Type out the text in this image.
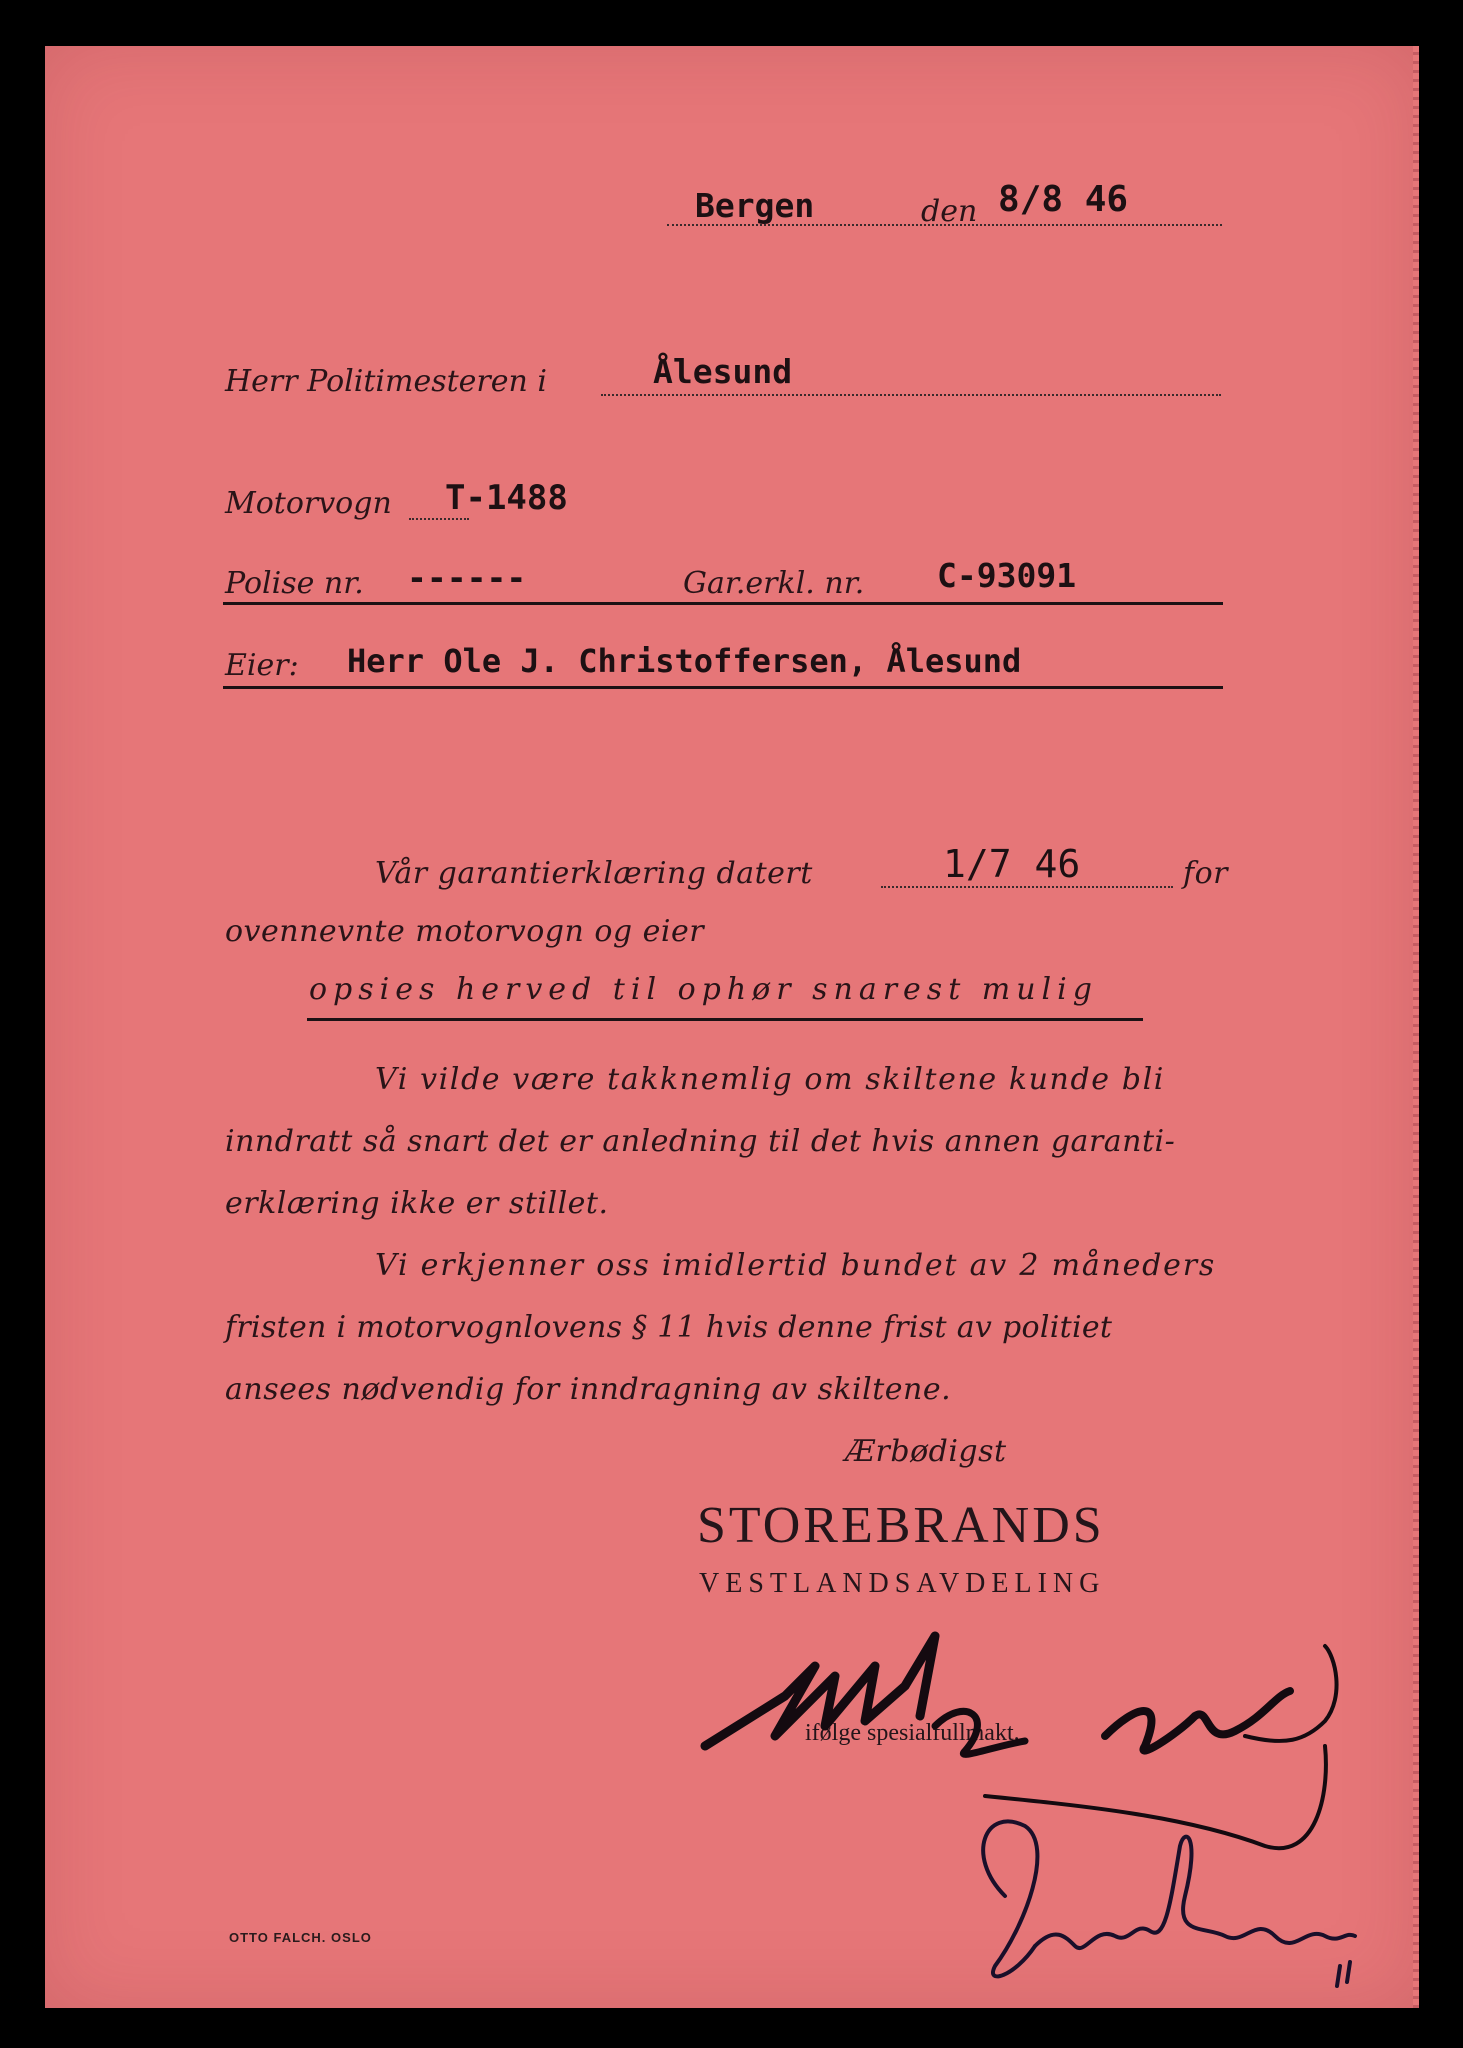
Bergen	den 8/8 46
Herr Politimesteren i	Ålesund
Motorvogn T-1488
Polise nr. ------	Gar.erkl. nr. C-93091
Eier: Herr Ole J. Christoffersen, Ålesund
Vår garantierklæring datert	1/7 46	for
ovennevnte motorvogn og eier
opsies herved til ophør snarest mulig
Vi vilde være takknemlig om skiltene kunde bli
inndratt så snart det er anledning til det hvis annen garanti-
erklæring ikke er stillet.
Vi erkjenner oss imidlertid bundet av 2 måneders
fristen i motorvognlovens § 11 hvis denne frist av politiet
ansees nødvendig for inndragning av skiltene.
Ærbødigst
STOREBRANDS
VESTLANDSAVDELING
ifølge spesialfullmakt.
OTTO FALCH. OSLO
